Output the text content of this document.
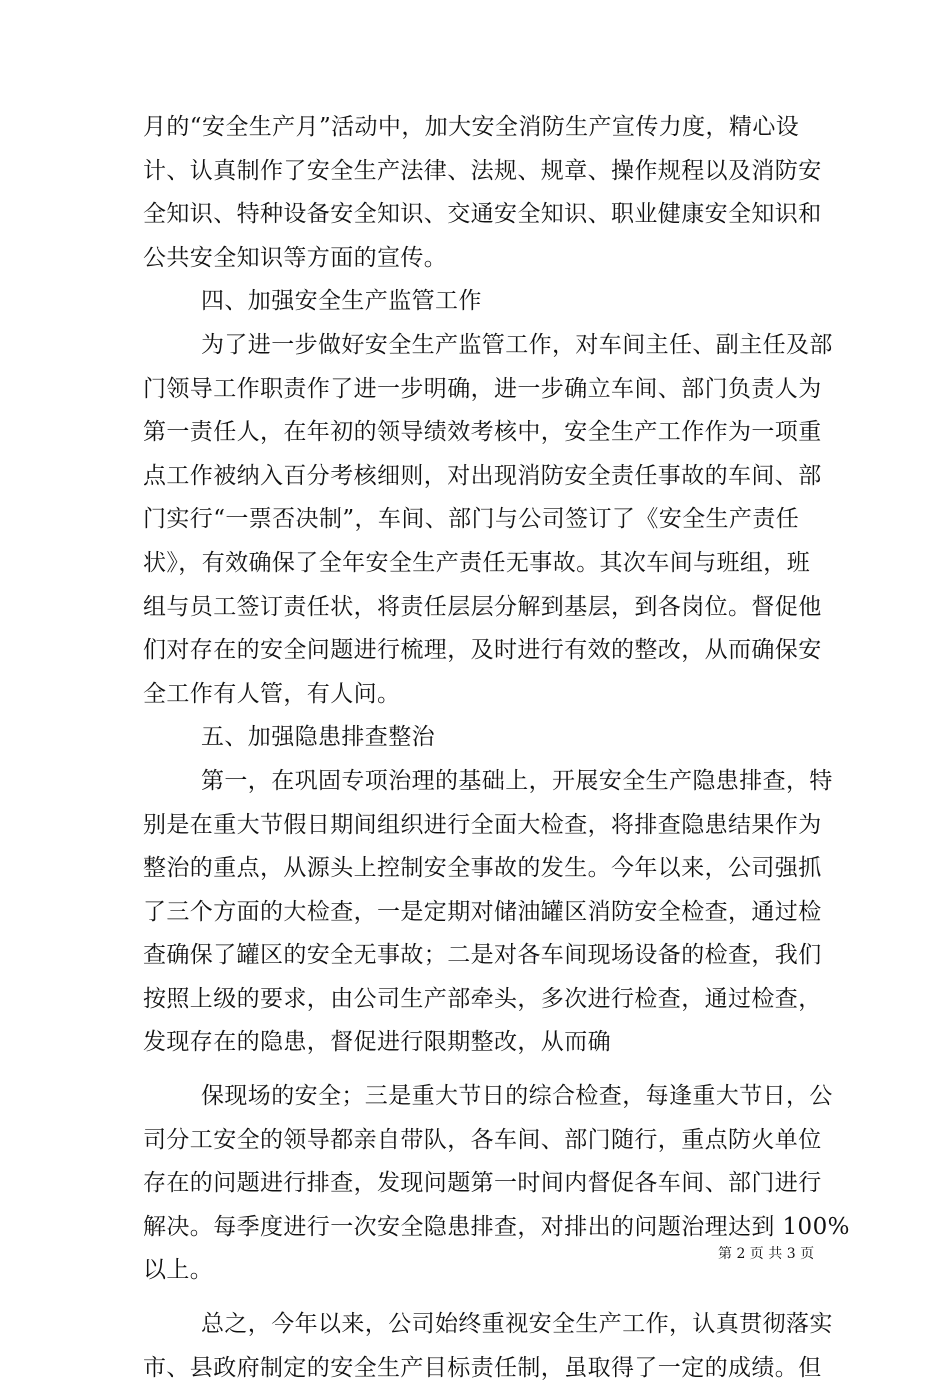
月的“安全生产月”活动中，加大安全消防生产宣传力度，精心设
计、认真制作了安全生产法律、法规、规章、操作规程以及消防安
全知识、特种设备安全知识、交通安全知识、职业健康安全知识和
公共安全知识等方面的宣传。
四、加强安全生产监管工作
为了进一步做好安全生产监管工作，对车间主任、副主任及部
门领导工作职责作了进一步明确，进一步确立车间、部门负责人为
第一责任人，在年初的领导绩效考核中，安全生产工作作为一项重
点工作被纳入百分考核细则，对出现消防安全责任事故的车间、部
门实行“一票否决制”，车间、部门与公司签订了《安全生产责任
状》，有效确保了全年安全生产责任无事故。其次车间与班组，班
组与员工签订责任状，将责任层层分解到基层，到各岗位。督促他
们对存在的安全问题进行梳理，及时进行有效的整改，从而确保安
全工作有人管，有人问。
五、加强隐患排查整治
第一，在巩固专项治理的基础上，开展安全生产隐患排查，特
别是在重大节假日期间组织进行全面大检查，将排查隐患结果作为
整治的重点，从源头上控制安全事故的发生。今年以来，公司强抓
了三个方面的大检查，一是定期对储油罐区消防安全检查，通过检
查确保了罐区的安全无事故；二是对各车间现场设备的检查，我们
按照上级的要求，由公司生产部牵头，多次进行检查，通过检查，
发现存在的隐患，督促进行限期整改，从而确
保现场的安全；三是重大节日的综合检查，每逢重大节日，公
司分工安全的领导都亲自带队，各车间、部门随行，重点防火单位
存在的问题进行排查，发现问题第一时间内督促各车间、部门进行
解决。每季度进行一次安全隐患排查，对排出的问题治理达到 100%
以上。
总之，今年以来，公司始终重视安全生产工作，认真贯彻落实
市、县政府制定的安全生产目标责任制，虽取得了一定的成绩。但
第 2 页 共 3 页
